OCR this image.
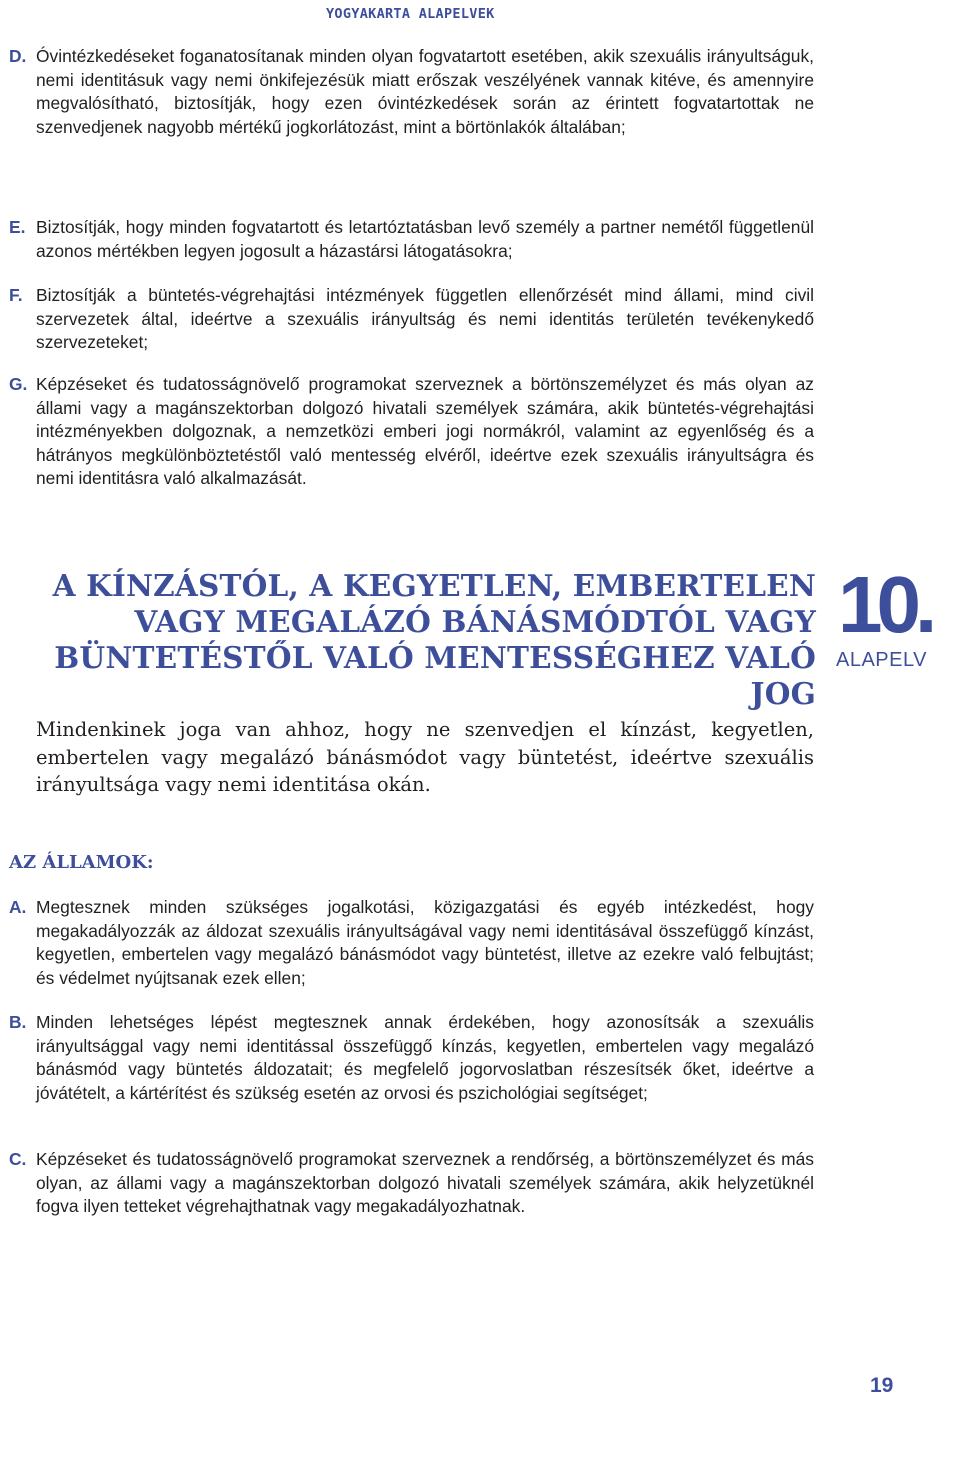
YOGYAKARTA ALAPELVEK
D. Óvintézkedéseket foganatosítanak minden olyan fogvatartott esetében, akik szexuális irányultságuk, nemi identitásuk vagy nemi önkifejezésük miatt erőszak veszélyének vannak kitéve, és amennyire megvalósítható, biztosítják, hogy ezen óvintézkedések során az érintett fogvatartottak ne szenvedjenek nagyobb mértékű jogkorlátozást, mint a börtönlakók általában;
E. Biztosítják, hogy minden fogvatartott és letartóztatásban levő személy a partner nemétől függetlenül azonos mértékben legyen jogosult a házastársi látogatásokra;
F. Biztosítják a büntetés-végrehajtási intézmények független ellenőrzését mind állami, mind civil szervezetek által, ideértve a szexuális irányultság és nemi identitás területén tevékenykedő szervezeteket;
G. Képzéseket és tudatosságnövelő programokat szerveznek a börtönszemélyzet és más olyan az állami vagy a magánszektorban dolgozó hivatali személyek számára, akik büntetés-végrehajtási intézményekben dolgoznak, a nemzetközi emberi jogi normákról, valamint az egyenlőség és a hátrányos megkülönböztetéstől való mentesség elvéről, ideértve ezek szexuális irányultságra és nemi identitásra való alkalmazását.
A KÍNZÁSTÓL, A KEGYETLEN, EMBERTELEN VAGY MEGALÁZÓ BÁNÁSMÓDTÓL VAGY BÜNTETÉSTŐL VALÓ MENTESSÉGHEZ VALÓ JOG
10.
ALAPELV
Mindenkinek joga van ahhoz, hogy ne szenvedjen el kínzást, kegyetlen, embertelen vagy megalázó bánásmódot vagy büntetést, ideértve szexuális irányultsága vagy nemi identitása okán.
AZ ÁLLAMOK:
A. Megtesznek minden szükséges jogalkotási, közigazgatási és egyéb intézkedést, hogy megakadályozzák az áldozat szexuális irányultságával vagy nemi identitásával összefüggő kínzást, kegyetlen, embertelen vagy megalázó bánásmódot vagy büntetést, illetve az ezekre való felbujtást; és védelmet nyújtsanak ezek ellen;
B. Minden lehetséges lépést megtesznek annak érdekében, hogy azonosítsák a szexuális irányultsággal vagy nemi identitással összefüggő kínzás, kegyetlen, embertelen vagy megalázó bánásmód vagy büntetés áldozatait; és megfelelő jogorvoslatban részesítsék őket, ideértve a jóvátételt, a kártérítést és szükség esetén az orvosi és pszichológiai segítséget;
C. Képzéseket és tudatosságnövelő programokat szerveznek a rendőrség, a börtönszemélyzet és más olyan, az állami vagy a magánszektorban dolgozó hivatali személyek számára, akik helyzetüknél fogva ilyen tetteket végrehajthatnak vagy megakadályozhatnak.
19
